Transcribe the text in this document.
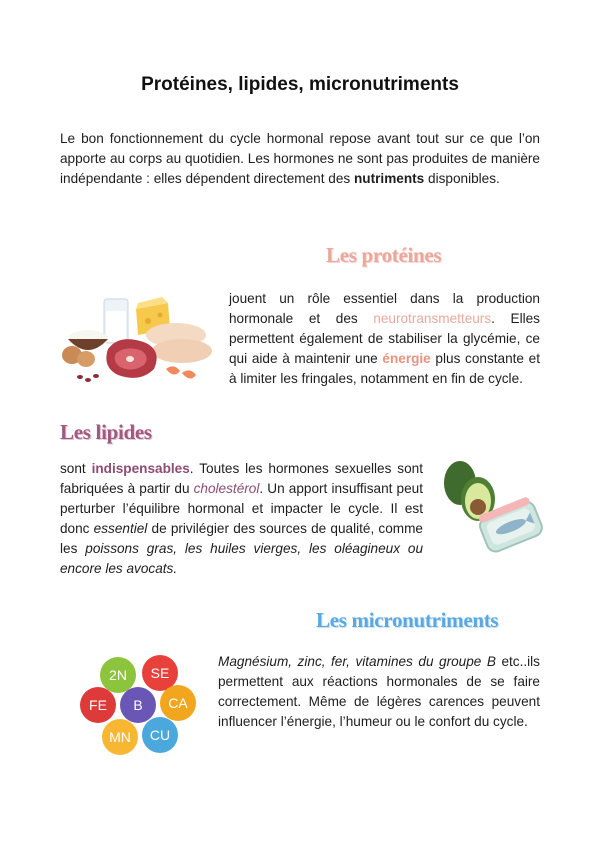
Protéines, lipides, micronutriments

Le bon fonctionnement du cycle hormonal repose avant tout sur ce que l’on apporte au corps au quotidien. Les hormones ne sont pas produites de manière indépendante : elles dépendent directement des nutriments disponibles.

Les protéines

jouent un rôle essentiel dans la production hormonale et des neurotransmetteurs. Elles permettent également de stabiliser la glycémie, ce qui aide à maintenir une énergie plus constante et à limiter les fringales, notamment en fin de cycle.

Les lipides

sont indispensables. Toutes les hormones sexuelles sont fabriquées à partir du cholestérol. Un apport insuffisant peut perturber l’équilibre hormonal et impacter le cycle. Il est donc essentiel de privilégier des sources de qualité, comme les poissons gras, les huiles vierges, les oléagineux ou encore les avocats.

Les micronutriments
2N SE
FE B CA
MN CU

Magnésium, zinc, fer, vitamines du groupe B etc..ils permettent aux réactions hormonales de se faire correctement. Même de légères carences peuvent influencer l’énergie, l’humeur ou le confort du cycle.
